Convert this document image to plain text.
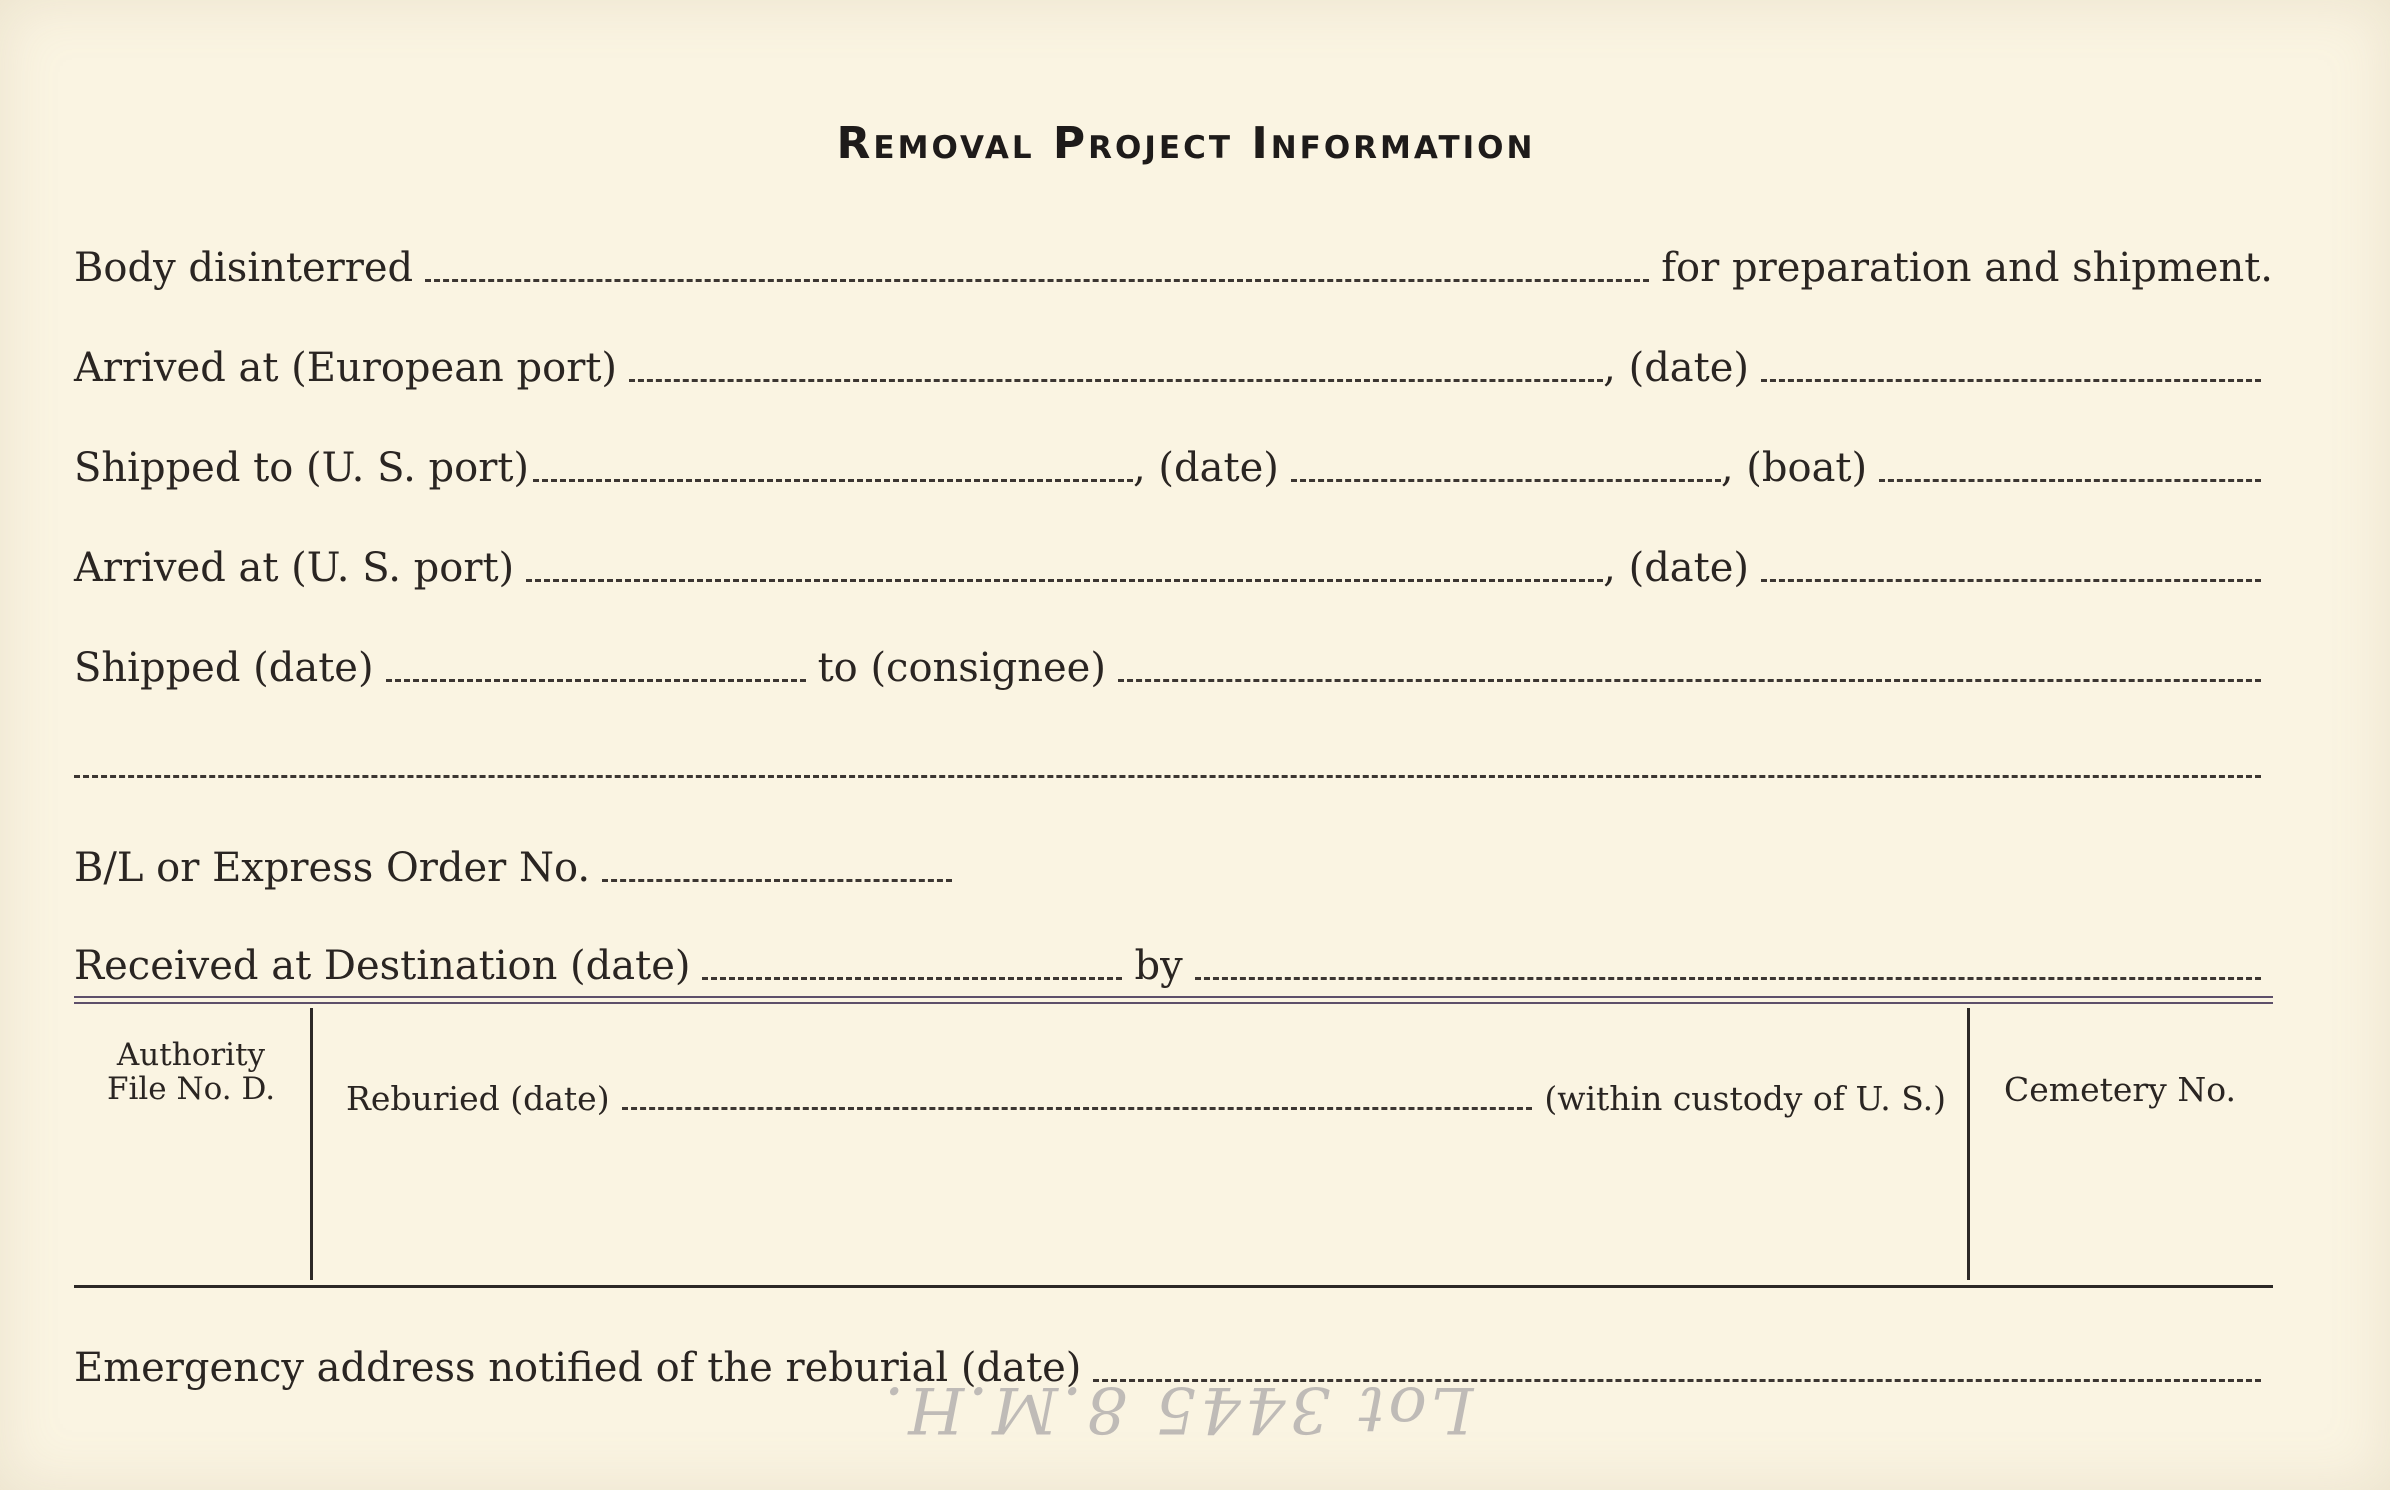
Removal Project Information
Body disinterred	for preparation and shipment.
Arrived at (European port)	, (date)
Shipped to (U. S. port)	, (date)	, (boat)
Arrived at (U. S. port)	, (date)
Shipped (date)	to (consignee)
B/L or Express Order No.
Received at Destination (date)	by
Authority
File No. D.	Reburied (date)	(within custody of U. S.)	Cemetery No.
Emergency address notified of the reburial (date)
Lot 3445 8.M.H.
